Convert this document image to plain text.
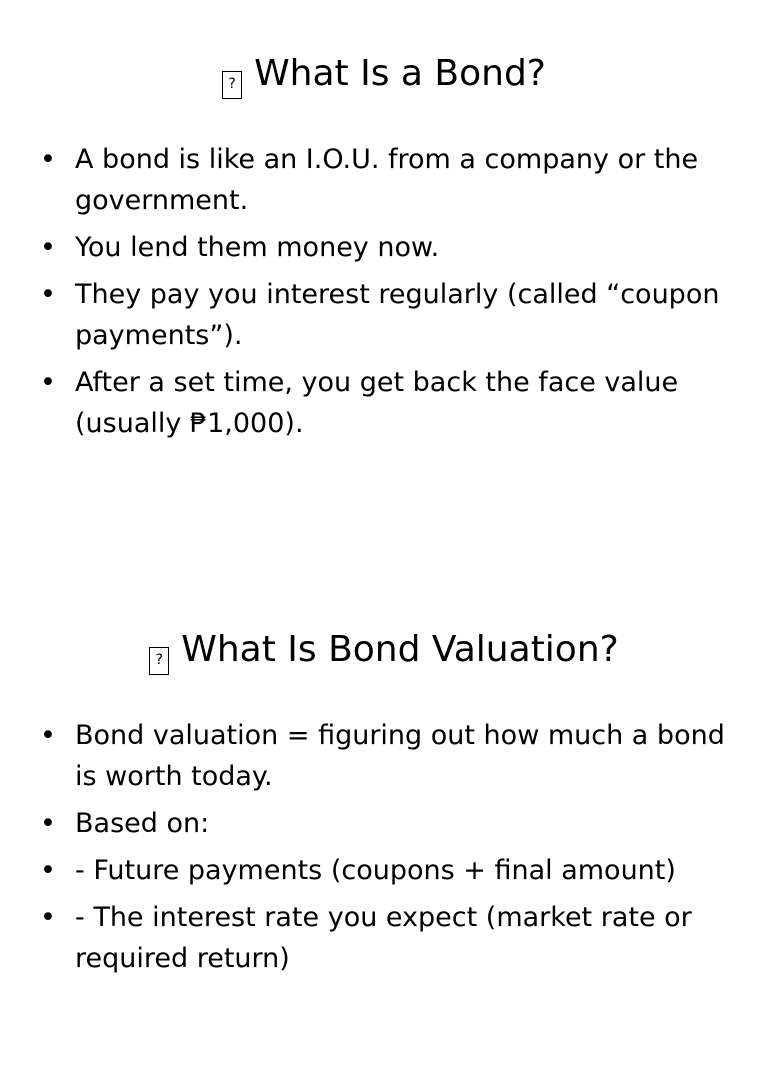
? What Is a Bond?
• A bond is like an I.O.U. from a company or the government.
• You lend them money now.
• They pay you interest regularly (called “coupon payments”).
• After a set time, you get back the face value (usually ₱1,000).
? What Is Bond Valuation?
• Bond valuation = figuring out how much a bond is worth today.
• Based on:
• - Future payments (coupons + final amount)
• - The interest rate you expect (market rate or required return)
